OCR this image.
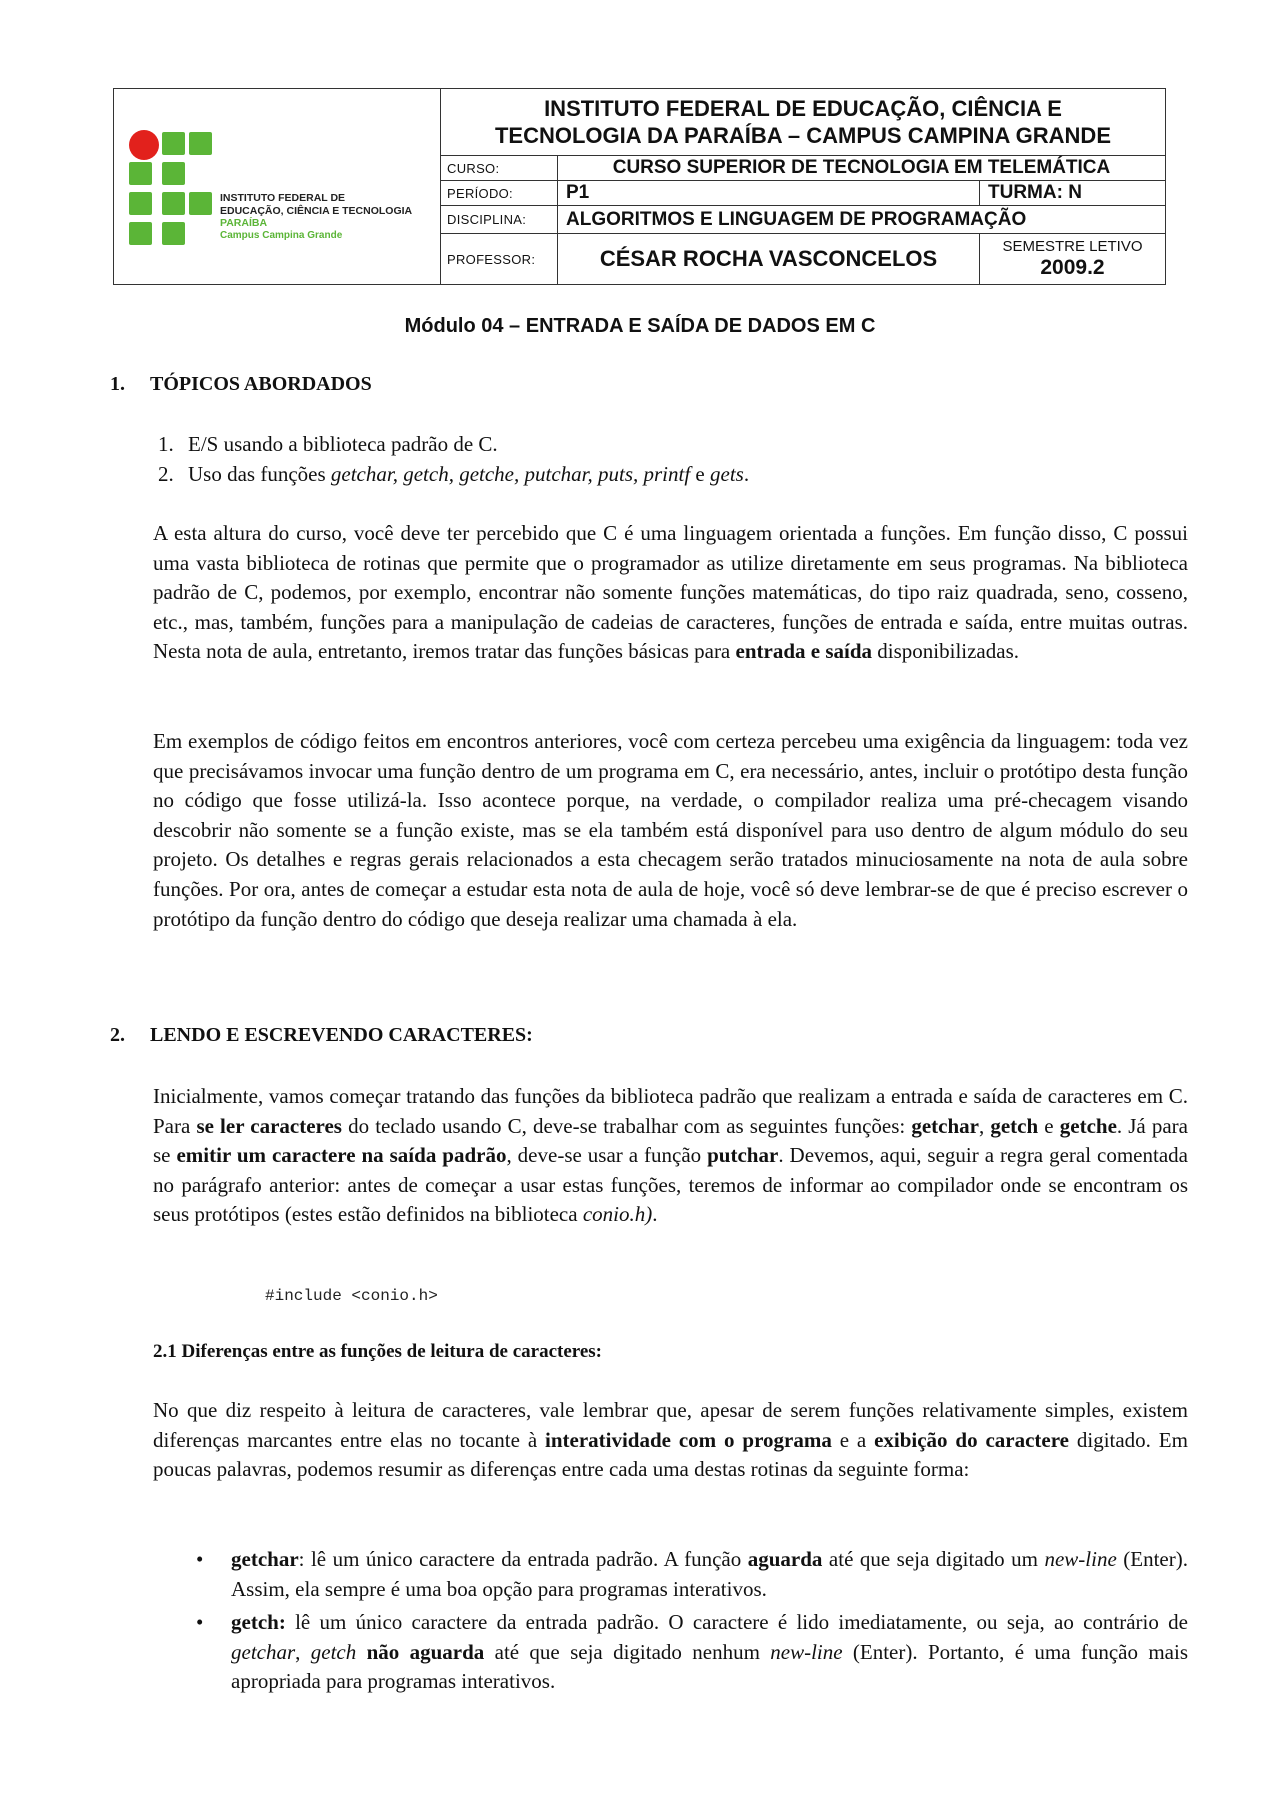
INSTITUTO FEDERAL DE
EDUCAÇÃO, CIÊNCIA E TECNOLOGIA
PARAÍBA
Campus Campina Grande
INSTITUTO FEDERAL DE EDUCAÇÃO, CIÊNCIA E
TECNOLOGIA DA PARAÍBA – CAMPUS CAMPINA GRANDE
CURSO:	CURSO SUPERIOR DE TECNOLOGIA EM TELEMÁTICA
PERÍODO:	P1	TURMA: N
DISCIPLINA:	ALGORITMOS E LINGUAGEM DE PROGRAMAÇÃO
PROFESSOR:	CÉSAR ROCHA VASCONCELOS	SEMESTRE LETIVO
2009.2
Módulo 04 – ENTRADA E SAÍDA DE DADOS EM C
1. TÓPICOS ABORDADOS
1. E/S usando a biblioteca padrão de C.
2. Uso das funções getchar, getch, getche, putchar, puts, printf e gets.
A esta altura do curso, você deve ter percebido que C é uma linguagem orientada a funções. Em função disso, C possui uma vasta biblioteca de rotinas que permite que o programador as utilize diretamente em seus programas. Na biblioteca padrão de C, podemos, por exemplo, encontrar não somente funções matemáticas, do tipo raiz quadrada, seno, cosseno, etc., mas, também, funções para a manipulação de cadeias de caracteres, funções de entrada e saída, entre muitas outras. Nesta nota de aula, entretanto, iremos tratar das funções básicas para entrada e saída disponibilizadas.
Em exemplos de código feitos em encontros anteriores, você com certeza percebeu uma exigência da linguagem: toda vez que precisávamos invocar uma função dentro de um programa em C, era necessário, antes, incluir o protótipo desta função no código que fosse utilizá-la. Isso acontece porque, na verdade, o compilador realiza uma pré-checagem visando descobrir não somente se a função existe, mas se ela também está disponível para uso dentro de algum módulo do seu projeto. Os detalhes e regras gerais relacionados a esta checagem serão tratados minuciosamente na nota de aula sobre funções. Por ora, antes de começar a estudar esta nota de aula de hoje, você só deve lembrar-se de que é preciso escrever o protótipo da função dentro do código que deseja realizar uma chamada à ela.
2. LENDO E ESCREVENDO CARACTERES:
Inicialmente, vamos começar tratando das funções da biblioteca padrão que realizam a entrada e saída de caracteres em C. Para se ler caracteres do teclado usando C, deve-se trabalhar com as seguintes funções: getchar, getch e getche. Já para se emitir um caractere na saída padrão, deve-se usar a função putchar. Devemos, aqui, seguir a regra geral comentada no parágrafo anterior: antes de começar a usar estas funções, teremos de informar ao compilador onde se encontram os seus protótipos (estes estão definidos na biblioteca conio.h).
#include <conio.h>
2.1 Diferenças entre as funções de leitura de caracteres:
No que diz respeito à leitura de caracteres, vale lembrar que, apesar de serem funções relativamente simples, existem diferenças marcantes entre elas no tocante à interatividade com o programa e a exibição do caractere digitado. Em poucas palavras, podemos resumir as diferenças entre cada uma destas rotinas da seguinte forma:
• getchar: lê um único caractere da entrada padrão. A função aguarda até que seja digitado um new-line (Enter). Assim, ela sempre é uma boa opção para programas interativos.
• getch: lê um único caractere da entrada padrão. O caractere é lido imediatamente, ou seja, ao contrário de getchar, getch não aguarda até que seja digitado nenhum new-line (Enter). Portanto, é uma função mais apropriada para programas interativos.
